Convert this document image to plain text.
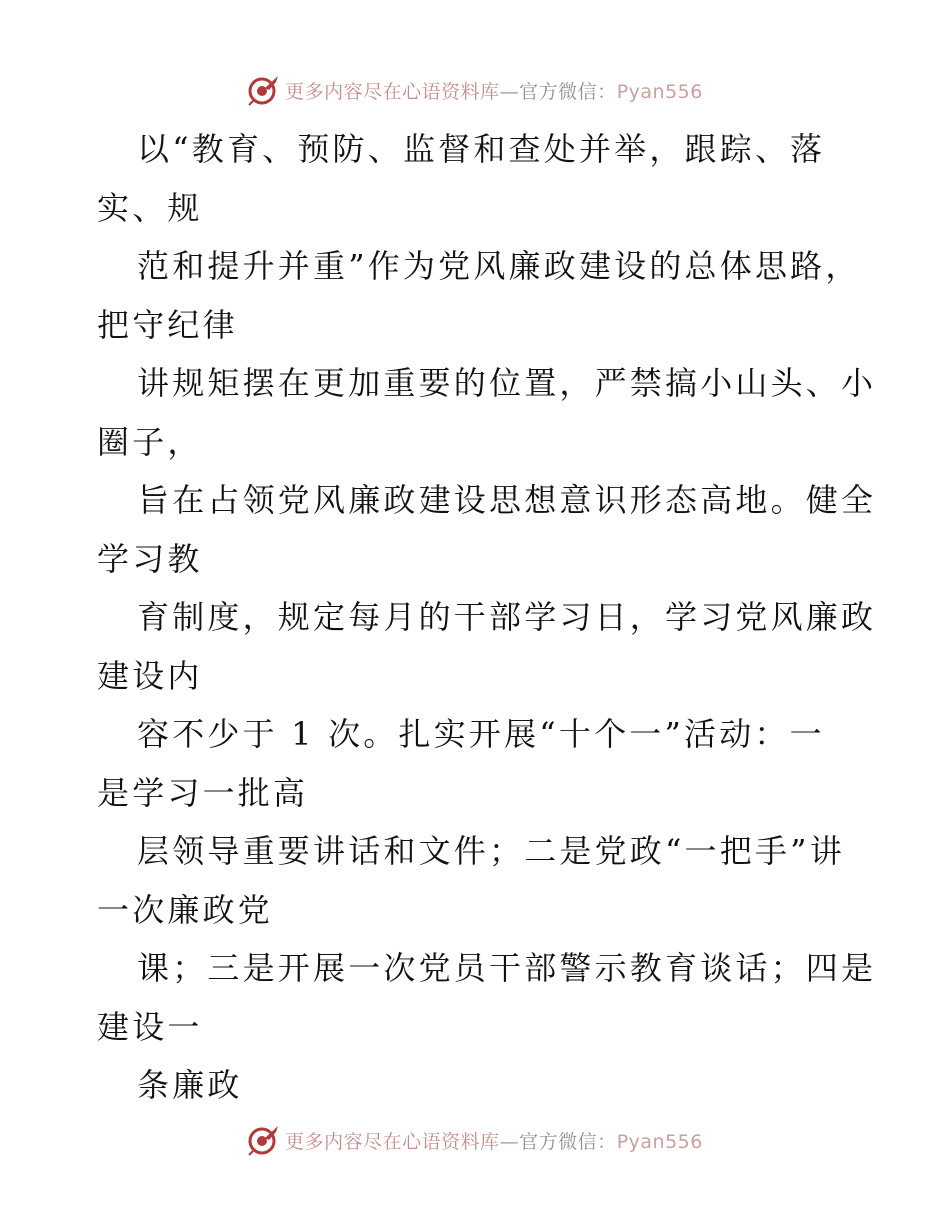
更多内容尽在心语资料库—官方微信：Pyan556
以“教育、预防、监督和查处并举，跟踪、落
实、规
范和提升并重”作为党风廉政建设的总体思路，
把守纪律
讲规矩摆在更加重要的位置，严禁搞小山头、小
圈子，
旨在占领党风廉政建设思想意识形态高地。健全
学习教
育制度，规定每月的干部学习日，学习党风廉政
建设内
容不少于 1 次。扎实开展“十个一”活动：一
是学习一批高
层领导重要讲话和文件；二是党政“一把手”讲
一次廉政党
课；三是开展一次党员干部警示教育谈话；四是
建设一
条廉政
更多内容尽在心语资料库—官方微信：Pyan556
